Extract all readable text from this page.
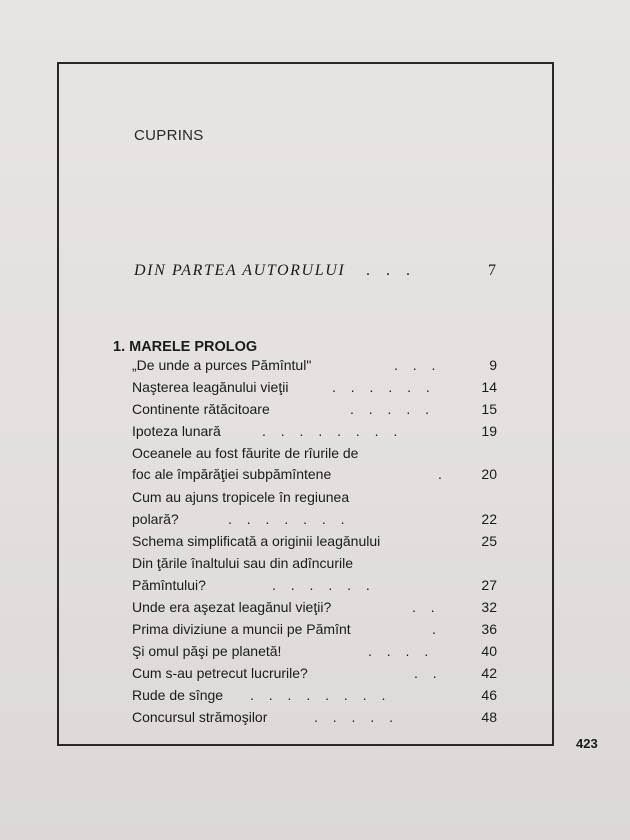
CUPRINS
DIN PARTEA AUTORULUI . . .	7
1. MARELE PROLOG
„De unde a purces Pămîntul"	. . .	9
Naşterea leagănului vieţii	. . . . . .	14
Continente rătăcitoare	. . . . .	15
Ipoteza lunară	. . . . . . . .	19
Oceanele au fost făurite de rîurile de
foc ale împărăţiei subpămîntene	. 20
Cum au ajuns tropicele în regiunea
polară?	. . . . . . .	22
Schema simplificată a originii leagănului	25
Din ţările înaltului sau din adîncurile
Pămîntului?	. . . . . .	27
Unde era aşezat leagănul vieţii?	. .	32
Prima diviziune a muncii pe Pămînt	.	36
Şi omul păşi pe planetă!	. . . .	40
Cum s-au petrecut lucrurile?	. .	42
Rude de sînge . . . . . . . .	46
Concursul strămoşilor	. . . . .	48
423
